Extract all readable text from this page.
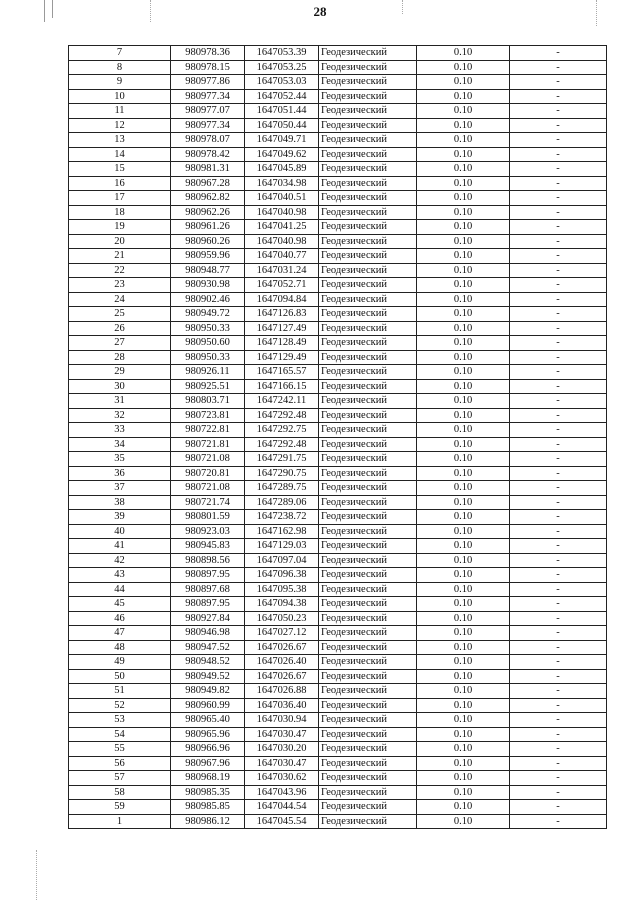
28
7	980978.36	1647053.39	Геодезический	0.10	-
8	980978.15	1647053.25	Геодезический	0.10	-
9	980977.86	1647053.03	Геодезический	0.10	-
10	980977.34	1647052.44	Геодезический	0.10	-
11	980977.07	1647051.44	Геодезический	0.10	-
12	980977.34	1647050.44	Геодезический	0.10	-
13	980978.07	1647049.71	Геодезический	0.10	-
14	980978.42	1647049.62	Геодезический	0.10	-
15	980981.31	1647045.89	Геодезический	0.10	-
16	980967.28	1647034.98	Геодезический	0.10	-
17	980962.82	1647040.51	Геодезический	0.10	-
18	980962.26	1647040.98	Геодезический	0.10	-
19	980961.26	1647041.25	Геодезический	0.10	-
20	980960.26	1647040.98	Геодезический	0.10	-
21	980959.96	1647040.77	Геодезический	0.10	-
22	980948.77	1647031.24	Геодезический	0.10	-
23	980930.98	1647052.71	Геодезический	0.10	-
24	980902.46	1647094.84	Геодезический	0.10	-
25	980949.72	1647126.83	Геодезический	0.10	-
26	980950.33	1647127.49	Геодезический	0.10	-
27	980950.60	1647128.49	Геодезический	0.10	-
28	980950.33	1647129.49	Геодезический	0.10	-
29	980926.11	1647165.57	Геодезический	0.10	-
30	980925.51	1647166.15	Геодезический	0.10	-
31	980803.71	1647242.11	Геодезический	0.10	-
32	980723.81	1647292.48	Геодезический	0.10	-
33	980722.81	1647292.75	Геодезический	0.10	-
34	980721.81	1647292.48	Геодезический	0.10	-
35	980721.08	1647291.75	Геодезический	0.10	-
36	980720.81	1647290.75	Геодезический	0.10	-
37	980721.08	1647289.75	Геодезический	0.10	-
38	980721.74	1647289.06	Геодезический	0.10	-
39	980801.59	1647238.72	Геодезический	0.10	-
40	980923.03	1647162.98	Геодезический	0.10	-
41	980945.83	1647129.03	Геодезический	0.10	-
42	980898.56	1647097.04	Геодезический	0.10	-
43	980897.95	1647096.38	Геодезический	0.10	-
44	980897.68	1647095.38	Геодезический	0.10	-
45	980897.95	1647094.38	Геодезический	0.10	-
46	980927.84	1647050.23	Геодезический	0.10	-
47	980946.98	1647027.12	Геодезический	0.10	-
48	980947.52	1647026.67	Геодезический	0.10	-
49	980948.52	1647026.40	Геодезический	0.10	-
50	980949.52	1647026.67	Геодезический	0.10	-
51	980949.82	1647026.88	Геодезический	0.10	-
52	980960.99	1647036.40	Геодезический	0.10	-
53	980965.40	1647030.94	Геодезический	0.10	-
54	980965.96	1647030.47	Геодезический	0.10	-
55	980966.96	1647030.20	Геодезический	0.10	-
56	980967.96	1647030.47	Геодезический	0.10	-
57	980968.19	1647030.62	Геодезический	0.10	-
58	980985.35	1647043.96	Геодезический	0.10	-
59	980985.85	1647044.54	Геодезический	0.10	-
1	980986.12	1647045.54	Геодезический	0.10	-
